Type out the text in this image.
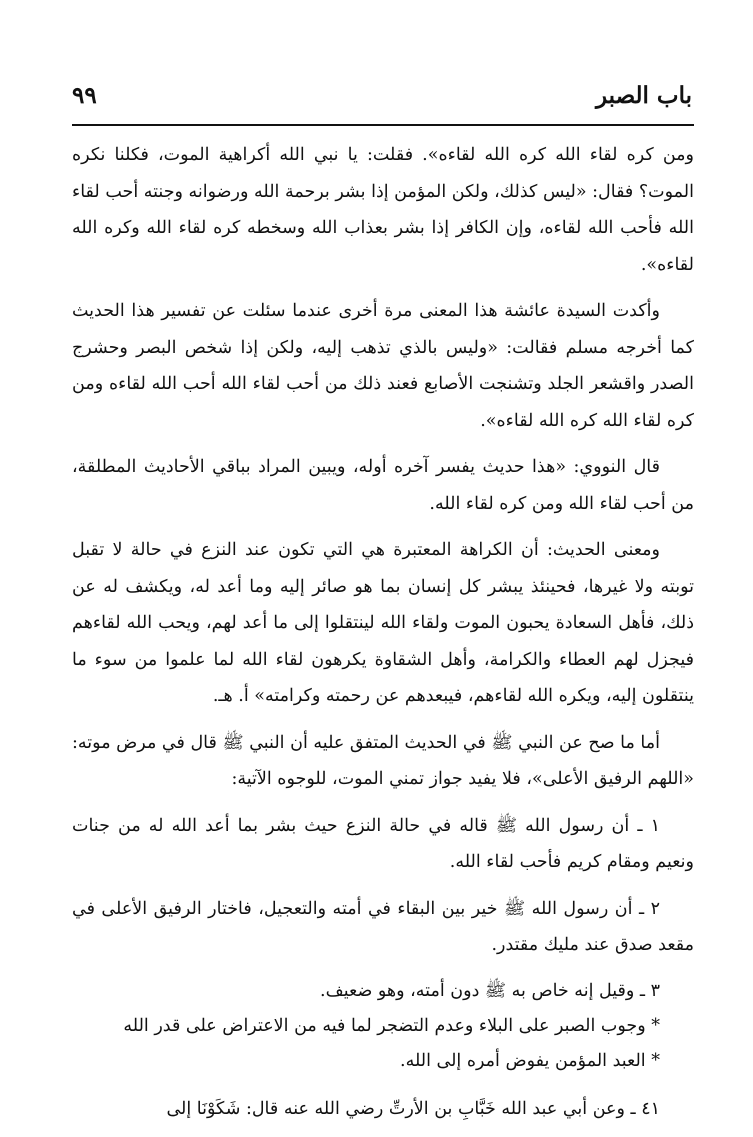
باب الصبر
٩٩

ومن كره لقاء الله كره الله لقاءه». فقلت: يا نبي الله أكراهية الموت، فكلنا نكره الموت؟ فقال: «ليس كذلك، ولكن المؤمن إذا بشر برحمة الله ورضوانه وجنته أحب لقاء الله فأحب الله لقاءه، وإن الكافر إذا بشر بعذاب الله وسخطه كره لقاء الله وكره الله لقاءه».

وأكدت السيدة عائشة هذا المعنى مرة أخرى عندما سئلت عن تفسير هذا الحديث كما أخرجه مسلم فقالت: «وليس بالذي تذهب إليه، ولكن إذا شخص البصر وحشرج الصدر واقشعر الجلد وتشنجت الأصابع فعند ذلك من أحب لقاء الله أحب الله لقاءه ومن كره لقاء الله كره الله لقاءه».

قال النووي: «هذا حديث يفسر آخره أوله، ويبين المراد بباقي الأحاديث المطلقة، من أحب لقاء الله ومن كره لقاء الله.

ومعنى الحديث: أن الكراهة المعتبرة هي التي تكون عند النزع في حالة لا تقبل توبته ولا غيرها، فحينئذ يبشر كل إنسان بما هو صائر إليه وما أعد له، ويكشف له عن ذلك، فأهل السعادة يحبون الموت ولقاء الله لينتقلوا إلى ما أعد لهم، ويحب الله لقاءهم فيجزل لهم العطاء والكرامة، وأهل الشقاوة يكرهون لقاء الله لما علموا من سوء ما ينتقلون إليه، ويكره الله لقاءهم، فيبعدهم عن رحمته وكرامته» أ. هـ.

أما ما صح عن النبي ﷺ في الحديث المتفق عليه أن النبي ﷺ قال في مرض موته: «اللهم الرفيق الأعلى»، فلا يفيد جواز تمني الموت، للوجوه الآتية:

١ ـ أن رسول الله ﷺ قاله في حالة النزع حيث بشر بما أعد الله له من جنات ونعيم ومقام كريم فأحب لقاء الله.

٢ ـ أن رسول الله ﷺ خير بين البقاء في أمته والتعجيل، فاختار الرفيق الأعلى في مقعد صدق عند مليك مقتدر.

٣ ـ وقيل إنه خاص به ﷺ دون أمته، وهو ضعيف.

* وجوب الصبر على البلاء وعدم التضجر لما فيه من الاعتراض على قدر الله

* العبد المؤمن يفوض أمره إلى الله.

٤١ ـ وعن أبي عبد الله خَبَّابِ بن الأرتِّ رضي الله عنه قال: شَكَوْنَا إلى
